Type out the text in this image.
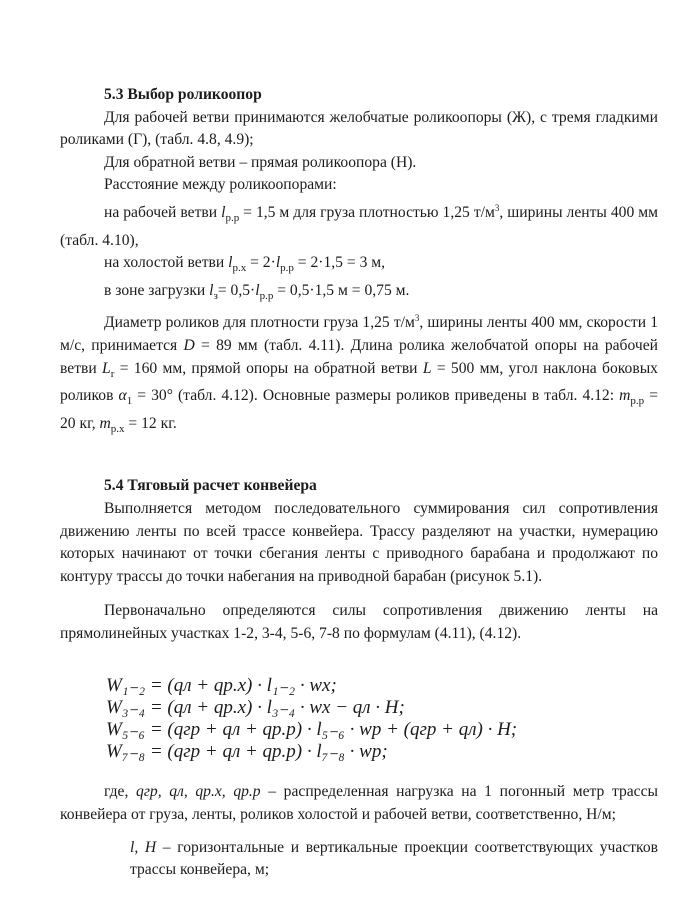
5.3 Выбор роликоопор

Для рабочей ветви принимаются желобчатые роликоопоры (Ж), с тремя гладкими роликами (Г), (табл. 4.8, 4.9);

Для обратной ветви – прямая роликоопора (Н).

Расстояние между роликоопорами:

на рабочей ветви $l_{р.р} = 1,5$ м для груза плотностью 1,25 $т/м^3$, ширины ленты 400 мм (табл. 4.10),

на холостой ветви $l_{р.х} = 2\cdot l_{р.р} = 2\cdot 1,5 = 3$ м,

в зоне загрузки $l_з= 0,5\cdot l_{р.р} = 0,5\cdot 1,5$ м = 0,75 м.

Диаметр роликов для плотности груза 1,25 $т/м^3$, ширины ленты 400 мм, скорости 1 м/с, принимается D = 89 мм (табл. 4.11). Длина ролика желобчатой опоры на рабочей ветви $L_r = 160$ мм, прямой опоры на обратной ветви L = 500 мм, угол наклона боковых роликов $\alpha_1 = 30^\circ$ (табл. 4.12). Основные размеры роликов приведены в табл. 4.12: $m_{р.р} = 20$ кг, $m_{р.х} = 12$ кг.

5.4 Тяговый расчет конвейера

Выполняется методом последовательного суммирования сил сопротивления движению ленты по всей трассе конвейера. Трассу разделяют на участки, нумерацию которых начинают от точки сбегания ленты с приводного барабана и продолжают по контуру трассы до точки набегания на приводной барабан (рисунок 5.1).

Первоначально определяются силы сопротивления движению ленты на прямолинейных участках 1-2, 3-4, 5-6, 7-8 по формулам (4.11), (4.12).

W₁₋₂ = (qл + qр.х) · l₁₋₂ · wх;
W₃₋₄ = (qл + qр.х) · l₃₋₄ · wх − qл · H;
W₅₋₆ = (qгр + qл + qр.р) · l₅₋₆ · wр + (qгр + qл) · H;
W₇₋₈ = (qгр + qл + qр.р) · l₇₋₈ · wр;

где, qгр, qл, qр.х, qр.р – распределенная нагрузка на 1 погонный метр трассы конвейера от груза, ленты, роликов холостой и рабочей ветви, соответственно, Н/м;

l, H – горизонтальные и вертикальные проекции соответствующих участков трассы конвейера, м;
